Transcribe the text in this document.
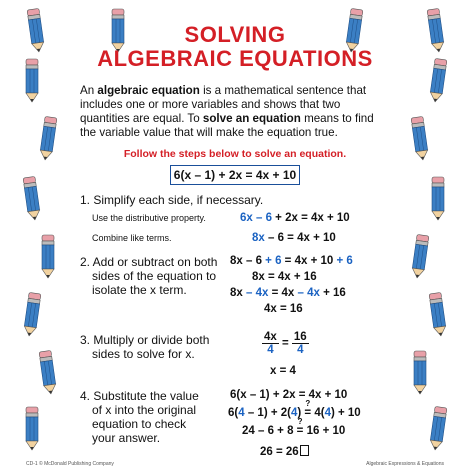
SOLVING
ALGEBRAIC EQUATIONS
An algebraic equation is a mathematical sentence that includes one or more variables and shows that two quantities are equal. To solve an equation means to find the variable value that will make the equation true.
Follow the steps below to solve an equation.
6(x – 1) + 2x = 4x + 10
1. Simplify each side, if necessary.
Use the distributive property.
Combine like terms.
6x – 6 + 2x = 4x + 10
8x – 6 = 4x + 10
2. Add or subtract on both
sides of the equation to
isolate the x term.
8x – 6 + 6 = 4x + 10 + 6
8x = 4x + 16
8x – 4x = 4x – 4x + 16
4x = 16
3. Multiply or divide both
sides to solve for x.	$\frac{4x}{4} = \frac{16}{4}$
x = 4
4. Substitute the value
of x into the original
equation to check
your answer.
6(x – 1) + 2x = 4x + 10
6(4 – 1) + 2(4)
?
= 4(4) + 10
24 – 6 + 8
?
= 16 + 10
26 = 26
CD-1 © McDonald Publishing Company	Algebraic Expressions & Equations
